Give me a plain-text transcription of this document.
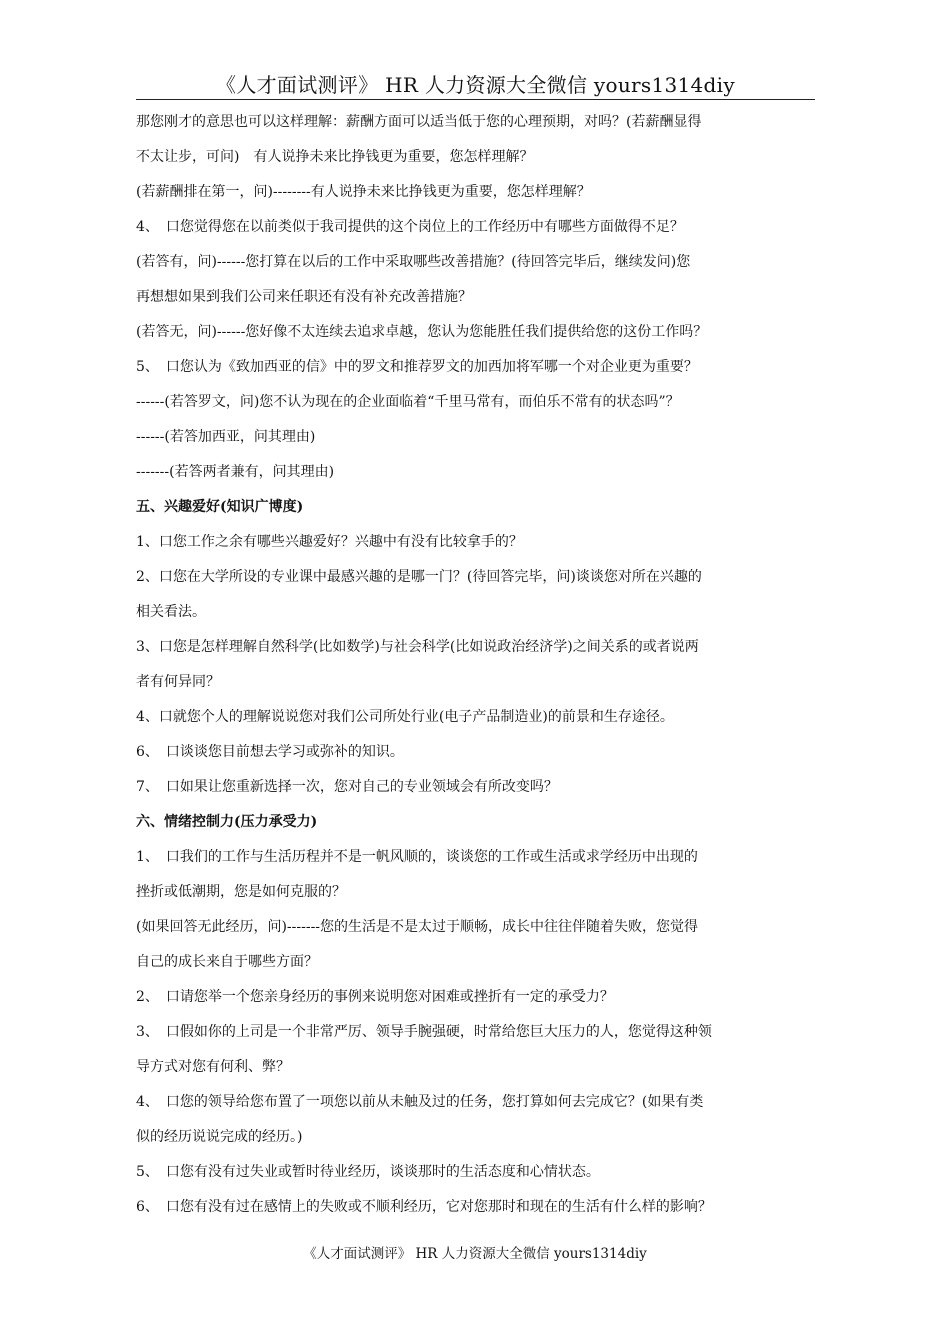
《人才面试测评》 HR 人力资源大全微信 yours1314diy
那您刚才的意思也可以这样理解：薪酬方面可以适当低于您的心理预期，对吗？(若薪酬显得
不太让步，可问)　有人说挣未来比挣钱更为重要，您怎样理解？
(若薪酬排在第一，问)--------有人说挣未来比挣钱更为重要，您怎样理解？
4、　口您觉得您在以前类似于我司提供的这个岗位上的工作经历中有哪些方面做得不足？
(若答有，问)------您打算在以后的工作中采取哪些改善措施？(待回答完毕后，继续发问)您
再想想如果到我们公司来任职还有没有补充改善措施？
(若答无，问)------您好像不太连续去追求卓越，您认为您能胜任我们提供给您的这份工作吗？
5、　口您认为《致加西亚的信》中的罗文和推荐罗文的加西加将军哪一个对企业更为重要？
------(若答罗文，问)您不认为现在的企业面临着“千里马常有，而伯乐不常有的状态吗”？
------(若答加西亚，问其理由)
-------(若答两者兼有，问其理由)
五、兴趣爱好(知识广博度)
1、口您工作之余有哪些兴趣爱好？兴趣中有没有比较拿手的？
2、口您在大学所设的专业课中最感兴趣的是哪一门？(待回答完毕，问)谈谈您对所在兴趣的
相关看法。
3、口您是怎样理解自然科学(比如数学)与社会科学(比如说政治经济学)之间关系的或者说两
者有何异同？
4、口就您个人的理解说说您对我们公司所处行业(电子产品制造业)的前景和生存途径。
6、　口谈谈您目前想去学习或弥补的知识。
7、　口如果让您重新选择一次，您对自己的专业领域会有所改变吗？
六、情绪控制力(压力承受力)
1、　口我们的工作与生活历程并不是一帆风顺的，谈谈您的工作或生活或求学经历中出现的
挫折或低潮期，您是如何克服的？
(如果回答无此经历，问)-------您的生活是不是太过于顺畅，成长中往往伴随着失败，您觉得
自己的成长来自于哪些方面？
2、　口请您举一个您亲身经历的事例来说明您对困难或挫折有一定的承受力？
3、　口假如你的上司是一个非常严厉、领导手腕强硬，时常给您巨大压力的人，您觉得这种领
导方式对您有何利、弊？
4、　口您的领导给您布置了一项您以前从未触及过的任务，您打算如何去完成它？(如果有类
似的经历说说完成的经历。)
5、　口您有没有过失业或暂时待业经历，谈谈那时的生活态度和心情状态。
6、　口您有没有过在感情上的失败或不顺利经历，它对您那时和现在的生活有什么样的影响？
《人才面试测评》 HR 人力资源大全微信 yours1314diy
